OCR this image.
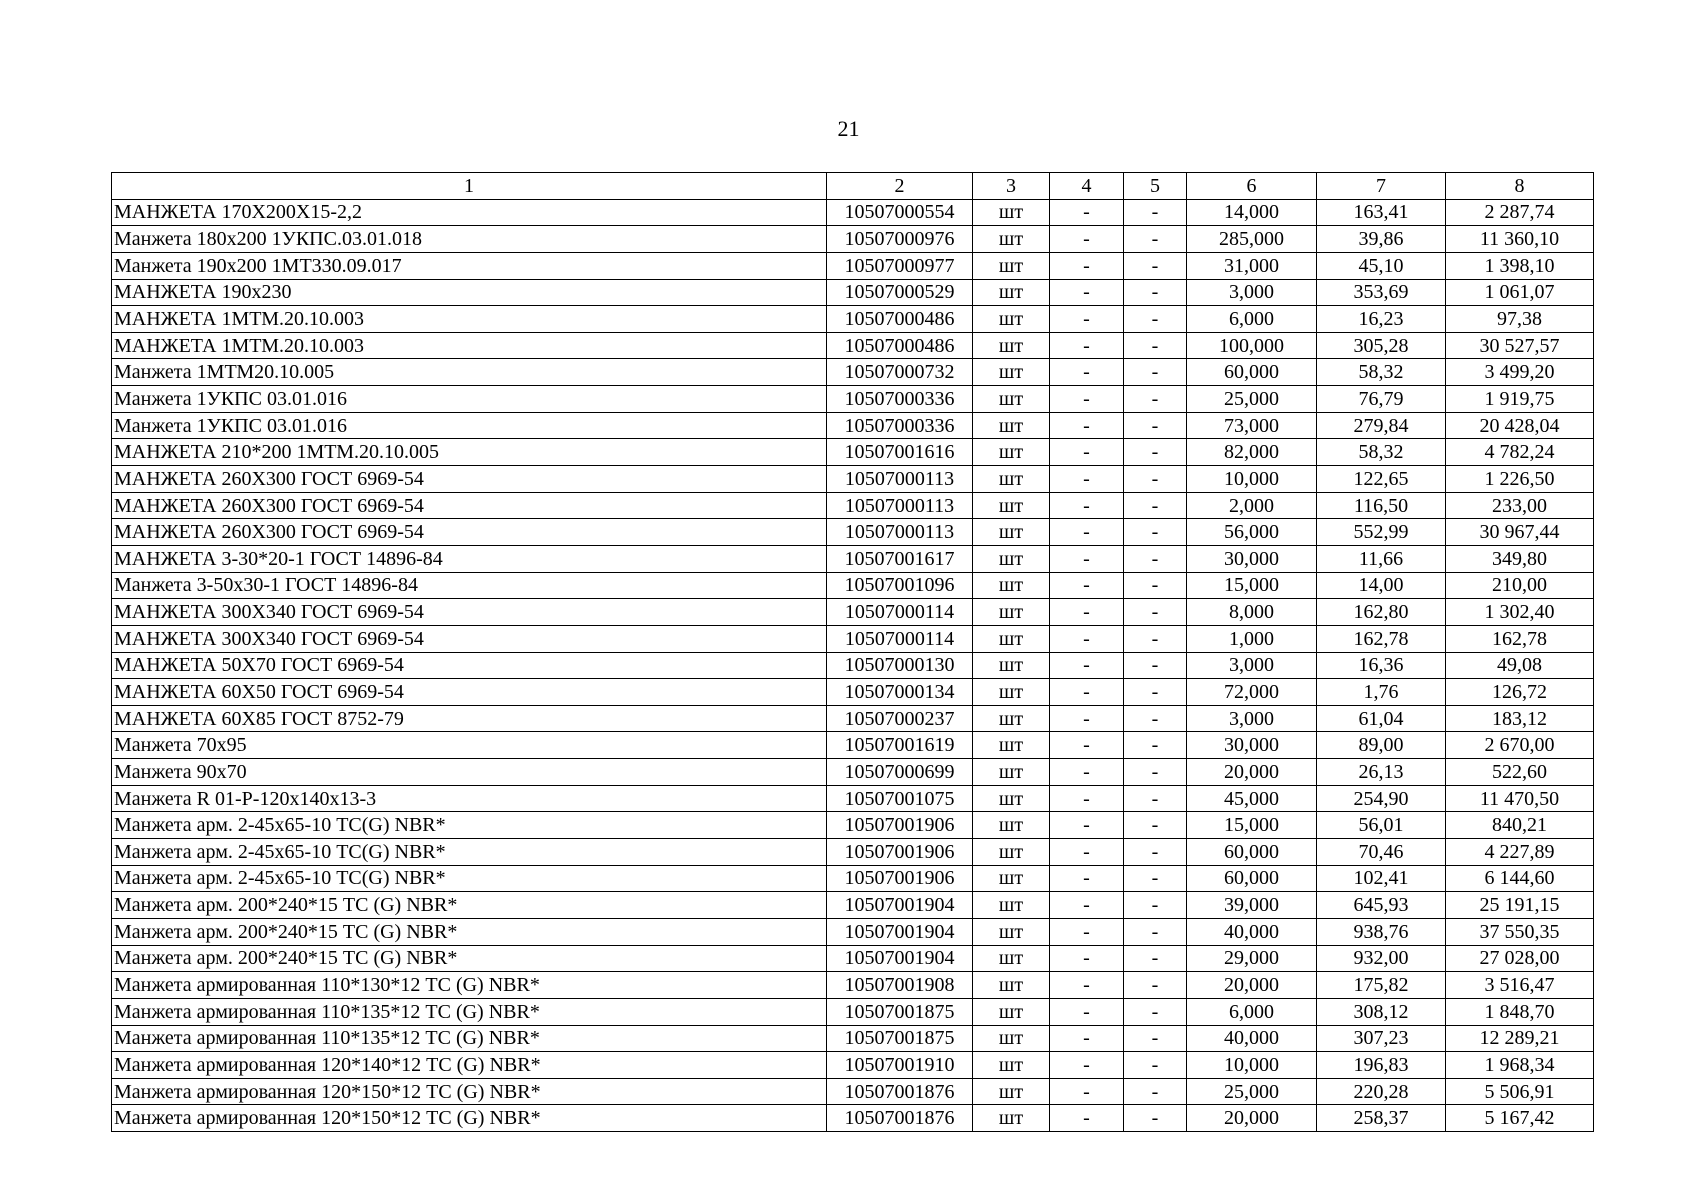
21
1	2	3	4	5	6	7	8
МАНЖЕТА 170Х200Х15-2,2	10507000554	шт	-	-	14,000	163,41	2 287,74
Манжета 180х200 1УКПС.03.01.018	10507000976	шт	-	-	285,000	39,86	11 360,10
Манжета 190х200 1МТ330.09.017	10507000977	шт	-	-	31,000	45,10	1 398,10
МАНЖЕТА 190х230	10507000529	шт	-	-	3,000	353,69	1 061,07
МАНЖЕТА 1МТМ.20.10.003	10507000486	шт	-	-	6,000	16,23	97,38
МАНЖЕТА 1МТМ.20.10.003	10507000486	шт	-	-	100,000	305,28	30 527,57
Манжета 1МТМ20.10.005	10507000732	шт	-	-	60,000	58,32	3 499,20
Манжета 1УКПС 03.01.016	10507000336	шт	-	-	25,000	76,79	1 919,75
Манжета 1УКПС 03.01.016	10507000336	шт	-	-	73,000	279,84	20 428,04
МАНЖЕТА 210*200 1МТМ.20.10.005	10507001616	шт	-	-	82,000	58,32	4 782,24
МАНЖЕТА 260Х300 ГОСТ 6969-54	10507000113	шт	-	-	10,000	122,65	1 226,50
МАНЖЕТА 260Х300 ГОСТ 6969-54	10507000113	шт	-	-	2,000	116,50	233,00
МАНЖЕТА 260Х300 ГОСТ 6969-54	10507000113	шт	-	-	56,000	552,99	30 967,44
МАНЖЕТА 3-30*20-1 ГОСТ 14896-84	10507001617	шт	-	-	30,000	11,66	349,80
Манжета 3-50х30-1 ГОСТ 14896-84	10507001096	шт	-	-	15,000	14,00	210,00
МАНЖЕТА 300Х340 ГОСТ 6969-54	10507000114	шт	-	-	8,000	162,80	1 302,40
МАНЖЕТА 300Х340 ГОСТ 6969-54	10507000114	шт	-	-	1,000	162,78	162,78
МАНЖЕТА 50Х70 ГОСТ 6969-54	10507000130	шт	-	-	3,000	16,36	49,08
МАНЖЕТА 60Х50 ГОСТ 6969-54	10507000134	шт	-	-	72,000	1,76	126,72
МАНЖЕТА 60Х85 ГОСТ 8752-79	10507000237	шт	-	-	3,000	61,04	183,12
Манжета 70х95	10507001619	шт	-	-	30,000	89,00	2 670,00
Манжета 90х70	10507000699	шт	-	-	20,000	26,13	522,60
Манжета R 01-P-120х140х13-3	10507001075	шт	-	-	45,000	254,90	11 470,50
Манжета арм. 2-45х65-10 TC(G) NBR*	10507001906	шт	-	-	15,000	56,01	840,21
Манжета арм. 2-45х65-10 TC(G) NBR*	10507001906	шт	-	-	60,000	70,46	4 227,89
Манжета арм. 2-45х65-10 TC(G) NBR*	10507001906	шт	-	-	60,000	102,41	6 144,60
Манжета арм. 200*240*15 TC (G) NBR*	10507001904	шт	-	-	39,000	645,93	25 191,15
Манжета арм. 200*240*15 TC (G) NBR*	10507001904	шт	-	-	40,000	938,76	37 550,35
Манжета арм. 200*240*15 TC (G) NBR*	10507001904	шт	-	-	29,000	932,00	27 028,00
Манжета армированная 110*130*12 TC (G) NBR*	10507001908	шт	-	-	20,000	175,82	3 516,47
Манжета армированная 110*135*12 TC (G) NBR*	10507001875	шт	-	-	6,000	308,12	1 848,70
Манжета армированная 110*135*12 TC (G) NBR*	10507001875	шт	-	-	40,000	307,23	12 289,21
Манжета армированная 120*140*12 TC (G) NBR*	10507001910	шт	-	-	10,000	196,83	1 968,34
Манжета армированная 120*150*12 TC (G) NBR*	10507001876	шт	-	-	25,000	220,28	5 506,91
Манжета армированная 120*150*12 TC (G) NBR*	10507001876	шт	-	-	20,000	258,37	5 167,42
